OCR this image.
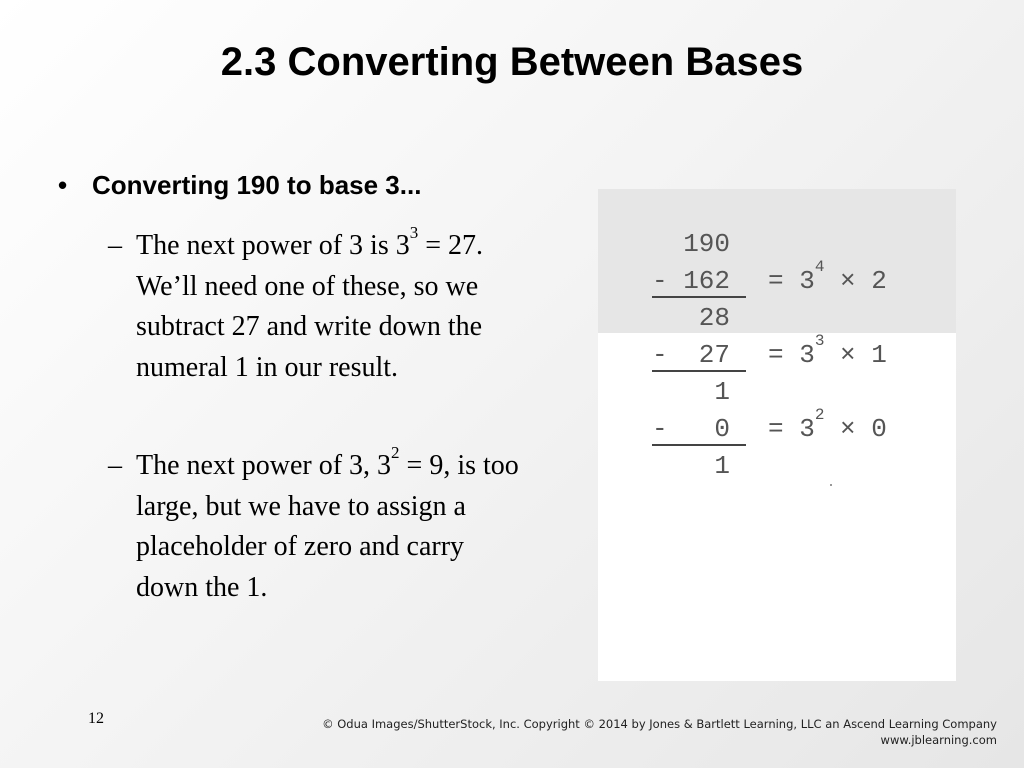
2.3 Converting Between Bases
• Converting 190 to base 3...
– The next power of 3 is $3^3 = 27$. We’ll need one of these, so we subtract 27 and write down the numeral 1 in our result.
– The next power of 3, $3^2 = 9$, is too large, but we have to assign a placeholder of zero and carry down the 1.
190
- $162 = 3^4 \times 2$
28
-  $27 = 3^3 \times 1$
1
-   $0 = 3^2 \times 0$
1
12	© Odua Images/ShutterStock, Inc. Copyright © 2014 by Jones & Bartlett Learning, LLC an Ascend Learning Company
www.jblearning.com
